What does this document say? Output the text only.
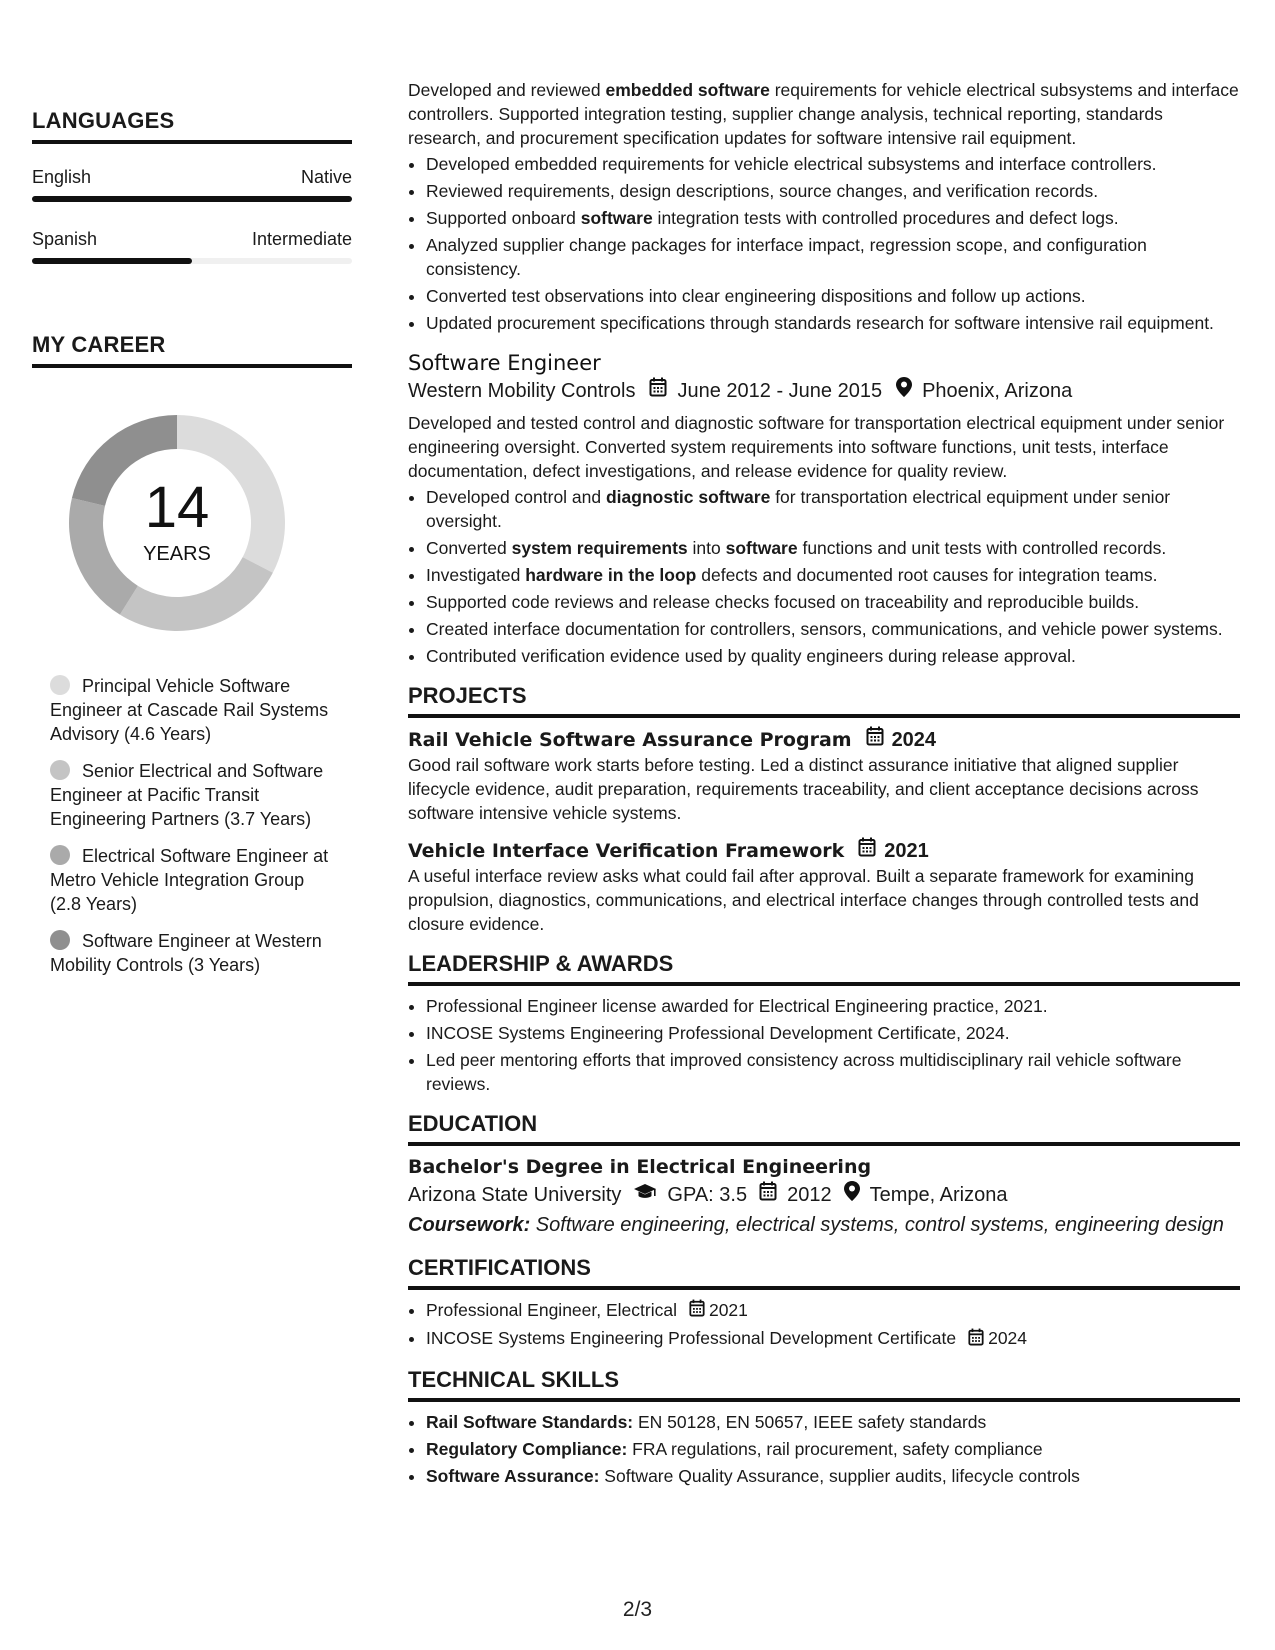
LANGUAGES
English	Native
Spanish	Intermediate
MY CAREER
14
YEARS
Principal Vehicle Software Engineer at Cascade Rail Systems Advisory (4.6 Years)
Senior Electrical and Software Engineer at Pacific Transit Engineering Partners (3.7 Years)
Electrical Software Engineer at Metro Vehicle Integration Group (2.8 Years)
Software Engineer at Western Mobility Controls (3 Years)

Developed and reviewed embedded software requirements for vehicle electrical subsystems and interface controllers. Supported integration testing, supplier change analysis, technical reporting, standards research, and procurement specification updates for software intensive rail equipment.

• Developed embedded requirements for vehicle electrical subsystems and interface controllers.
• Reviewed requirements, design descriptions, source changes, and verification records.
• Supported onboard software integration tests with controlled procedures and defect logs.
• Analyzed supplier change packages for interface impact, regression scope, and configuration consistency.
• Converted test observations into clear engineering dispositions and follow up actions.
• Updated procurement specifications through standards research for software intensive rail equipment.
Software Engineer
Western Mobility Controls June 2012 - June 2015 Phoenix, Arizona

Developed and tested control and diagnostic software for transportation electrical equipment under senior engineering oversight. Converted system requirements into software functions, unit tests, interface documentation, defect investigations, and release evidence for quality review.

• Developed control and diagnostic software for transportation electrical equipment under senior oversight.
• Converted system requirements into software functions and unit tests with controlled records.
• Investigated hardware in the loop defects and documented root causes for integration teams.
• Supported code reviews and release checks focused on traceability and reproducible builds.
• Created interface documentation for controllers, sensors, communications, and vehicle power systems.
• Contributed verification evidence used by quality engineers during release approval.
PROJECTS
Rail Vehicle Software Assurance Program 2024

Good rail software work starts before testing. Led a distinct assurance initiative that aligned supplier lifecycle evidence, audit preparation, requirements traceability, and client acceptance decisions across software intensive vehicle systems.

Vehicle Interface Verification Framework 2021

A useful interface review asks what could fail after approval. Built a separate framework for examining propulsion, diagnostics, communications, and electrical interface changes through controlled tests and closure evidence.

LEADERSHIP & AWARDS
• Professional Engineer license awarded for Electrical Engineering practice, 2021.
• INCOSE Systems Engineering Professional Development Certificate, 2024.
• Led peer mentoring efforts that improved consistency across multidisciplinary rail vehicle software reviews.
EDUCATION
Bachelor's Degree in Electrical Engineering
Arizona State University GPA: 3.5 2012 Tempe, Arizona
Coursework: Software engineering, electrical systems, control systems, engineering design
CERTIFICATIONS
• Professional Engineer, Electrical 2021
• INCOSE Systems Engineering Professional Development Certificate 2024
TECHNICAL SKILLS
• Rail Software Standards: EN 50128, EN 50657, IEEE safety standards
• Regulatory Compliance: FRA regulations, rail procurement, safety compliance
• Software Assurance: Software Quality Assurance, supplier audits, lifecycle controls
2/3
